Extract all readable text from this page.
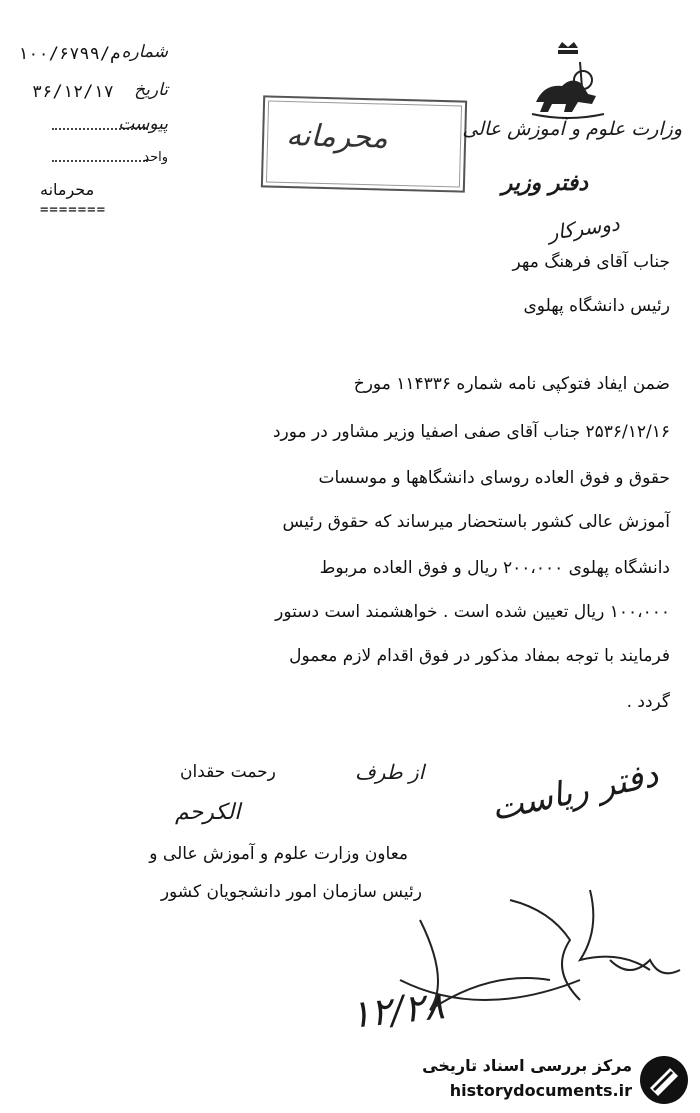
۱۰۰/م/۶۷۹۹ شماره
۳۶/۱۲/۱۷ تاریخ
پیوست
واحد
محرمانه
=======
محرمانه	وزارت علوم و آموزش عالی
دفتر وزیر
دوسرکار
جناب آقای فرهنگ مهر
رئیس دانشگاه پهلوی
ضمن ایفاد فتوکپی نامه شماره ۱۱۴۳۳۶ مورخ
۲۵۳۶/۱۲/۱۶ جناب آقای صفی اصفیا وزیر مشاور در مورد
حقوق و فوق العاده روسای دانشگاهها و موسسات
آموزش عالی کشور باستحضار میرساند که حقوق رئیس
دانشگاه پهلوی ۲۰۰،۰۰۰ ریال و فوق العاده مربوط
۱۰۰،۰۰۰ ریال تعیین شده است . خواهشمند است دستور
فرمایند با توجه بمفاد مذکور در فوق اقدام لازم معمول
گردد .
از طرف
رحمت حقدان
الکرحم
معاون وزارت علوم و آموزش عالی و
رئیس سازمان امور دانشجویان کشور
دفتر ریاست
۱۲/۲۸
مرکز بررسی اسناد تاریخی
historydocuments.ir
